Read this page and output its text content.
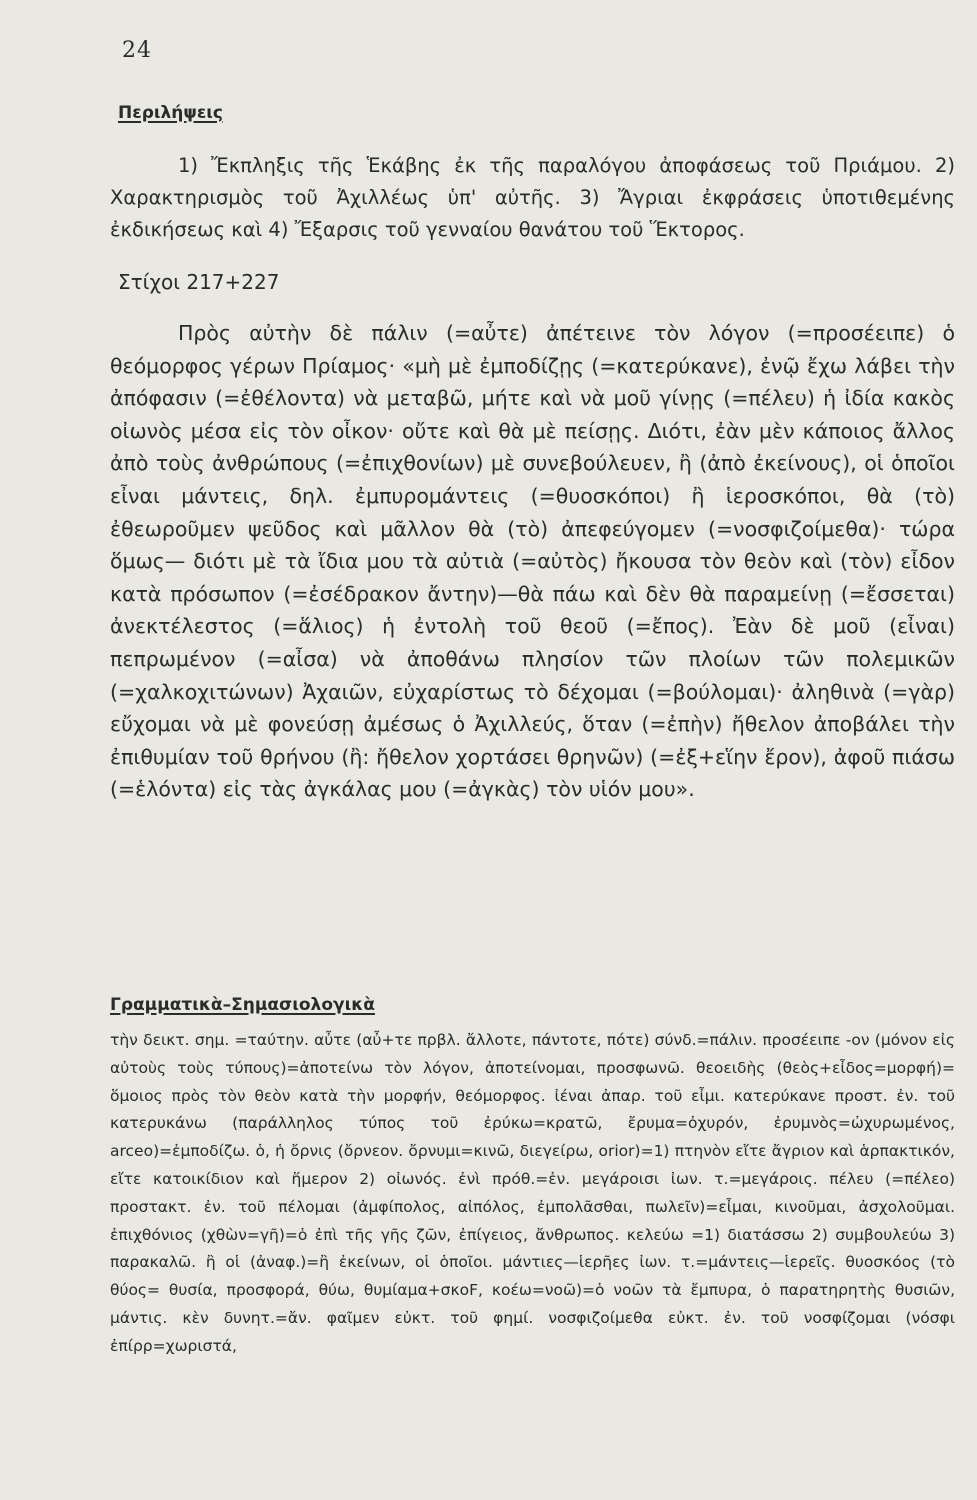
24
Περιλήψεις

1) Ἔκπληξις τῆς Ἑκάβης ἐκ τῆς παραλόγου ἀποφάσεως τοῦ Πριάμου. 2) Χαρακτηρισμὸς τοῦ Ἀχιλλέως ὑπ' αὐτῆς. 3) Ἄγριαι ἐκφράσεις ὑποτιθεμένης ἐκδικήσεως καὶ 4) Ἔξαρσις τοῦ γενναίου θανάτου τοῦ Ἕκτορος.

Στίχοι 217+227

Πρὸς αὐτὴν δὲ πάλιν (=αὖτε) ἀπέτεινε τὸν λόγον (=προσέειπε) ὁ θεόμορφος γέρων Πρίαμος· «μὴ μὲ ἐμποδίζῃς (=κατερύκανε), ἐνῷ ἔχω λάβει τὴν ἀπόφασιν (=ἐθέλοντα) νὰ μεταβῶ, μήτε καὶ νὰ μοῦ γίνῃς (=πέλευ) ἡ ἰδία κακὸς οἰωνὸς μέσα εἰς τὸν οἶκον· οὔτε καὶ θὰ μὲ πείσῃς. Διότι, ἐὰν μὲν κάποιος ἄλλος ἀπὸ τοὺς ἀνθρώπους (=ἐπιχθονίων) μὲ συνεβούλευεν, ἢ (ἀπὸ ἐκείνους), οἱ ὁποῖοι εἶναι μάντεις, δηλ. ἐμπυρομάντεις (=θυοσκόποι) ἢ ἱεροσκόποι, θὰ (τὸ) ἐθεωροῦμεν ψεῦδος καὶ μᾶλλον θὰ (τὸ) ἀπεφεύγομεν (=νοσφιζοίμεθα)· τώρα ὅμως— διότι μὲ τὰ ἴδια μου τὰ αὐτιὰ (=αὐτὸς) ἤκουσα τὸν θεὸν καὶ (τὸν) εἶδον κατὰ πρόσωπον (=ἐσέδρακον ἄντην)—θὰ πάω καὶ δὲν θὰ παραμείνῃ (=ἔσσεται) ἀνεκτέλεστος (=ἅλιος) ἡ ἐντολὴ τοῦ θεοῦ (=ἔπος). Ἐὰν δὲ μοῦ (εἶναι) πεπρωμένον (=αἶσα) νὰ ἀποθάνω πλησίον τῶν πλοίων τῶν πολεμικῶν (=χαλκοχιτώνων) Ἀχαιῶν, εὐχαρίστως τὸ δέχομαι (=βούλομαι)· ἀληθινὰ (=γὰρ) εὔχομαι νὰ μὲ φονεύσῃ ἀμέσως ὁ Ἀχιλλεύς, ὅταν (=ἐπὴν) ἤθελον ἀποβάλει τὴν ἐπιθυμίαν τοῦ θρήνου (ἢ: ἤθελον χορτάσει θρηνῶν) (=ἐξ+εἵην ἔρον), ἀφοῦ πιάσω (=ἑλόντα) εἰς τὰς ἀγκάλας μου (=ἀγκὰς) τὸν υἱόν μου».

Γραμματικὰ–Σημασιολογικὰ

τὴν δεικτ. σημ. =ταύτην. αὖτε (αὖ+τε πρβλ. ἄλλοτε, πάντοτε, πότε) σύνδ.=πάλιν. προσέειπε -ον (μόνον εἰς αὐτοὺς τοὺς τύπους)=ἀποτείνω τὸν λόγον, ἀποτείνομαι, προσφωνῶ. θεοειδὴς (θεὸς+εἶδος=μορφή)= ὅμοιος πρὸς τὸν θεὸν κατὰ τὴν μορφήν, θεόμορφος. ἰέναι ἀπαρ. τοῦ εἶμι. κατερύκανε προστ. ἐν. τοῦ κατερυκάνω (παράλληλος τύπος τοῦ ἐρύκω=κρατῶ, ἔρυμα=ὀχυρόν, ἐρυμνὸς=ὠχυρωμένος, arceo)=ἐμποδίζω. ὁ, ἡ ὄρνις (ὄρνεον. ὄρνυμι=κινῶ, διεγείρω, orior)=1) πτηνὸν εἴτε ἄγριον καὶ ἁρπακτικόν, εἴτε κατοικίδιον καὶ ἥμερον 2) οἰωνός. ἐνὶ πρόθ.=ἐν. μεγάροισι ἰων. τ.=μεγάροις. πέλευ (=πέλεο) προστακτ. ἐν. τοῦ πέλομαι (ἀμφίπολος, αἰπόλος, ἐμπολᾶσθαι, πωλεῖν)=εἶμαι, κινοῦμαι, ἀσχολοῦμαι. ἐπιχθόνιος (χθὼν=γῆ)=ὁ ἐπὶ τῆς γῆς ζῶν, ἐπίγειος, ἄνθρωπος. κελεύω =1) διατάσσω 2) συμβουλεύω 3) παρακαλῶ. ἢ οἱ (ἀναφ.)=ἢ ἐκείνων, οἱ ὁποῖοι. μάντιες—ἱερῆες ἰων. τ.=μάντεις—ἱερεῖς. θυοσκόος (τὸ θύος= θυσία, προσφορά, θύω, θυμίαμα+σκοϜ, κοέω=νοῶ)=ὁ νοῶν τὰ ἔμπυρα, ὁ παρατηρητὴς θυσιῶν, μάντις. κὲν δυνητ.=ἄν. φαῖμεν εὐκτ. τοῦ φημί. νοσφιζοίμεθα εὐκτ. ἐν. τοῦ νοσφίζομαι (νόσφι ἐπίρρ=χωριστά,
